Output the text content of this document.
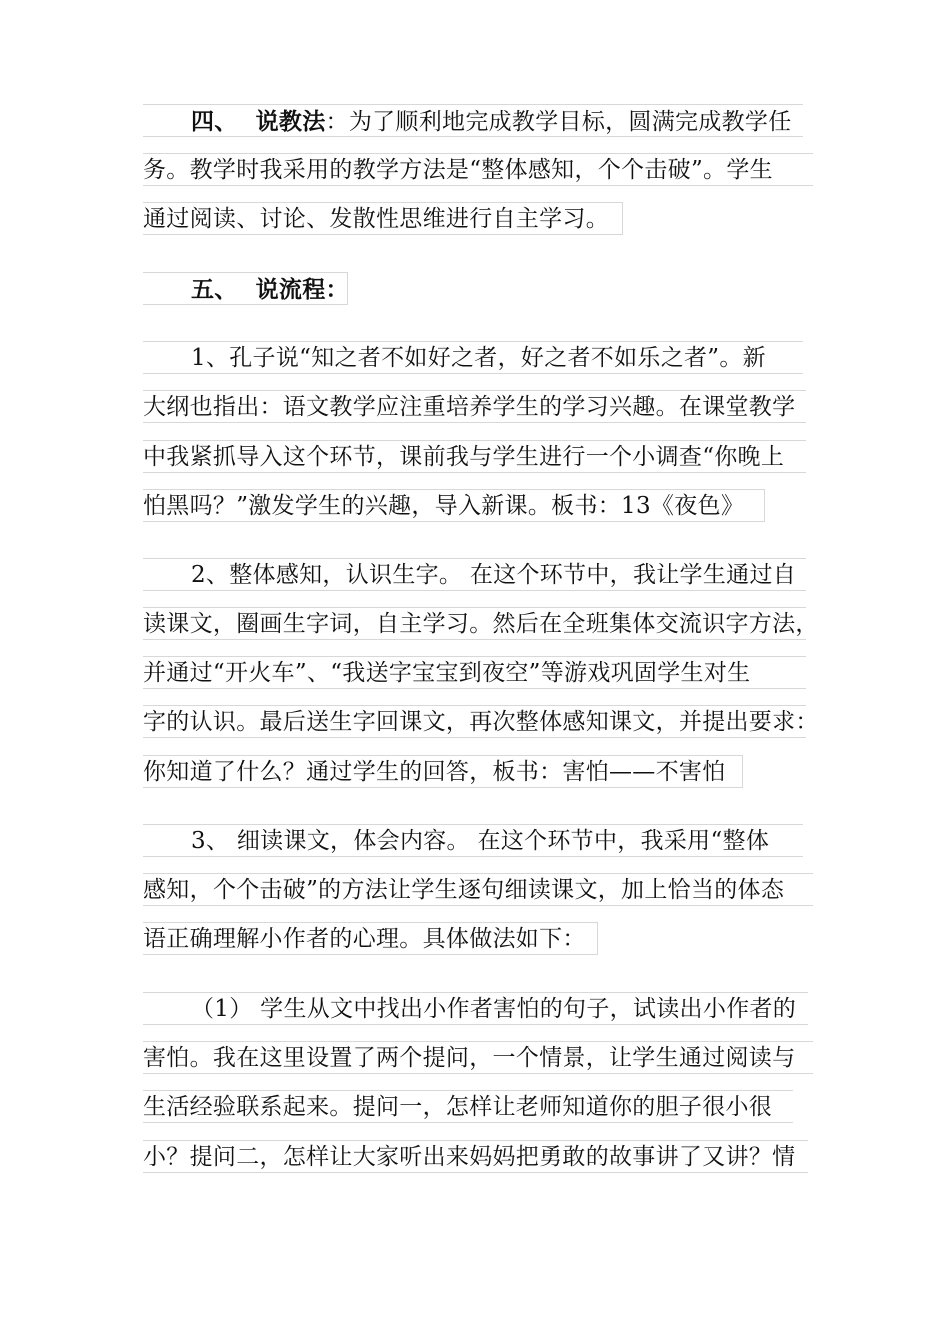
四、 说教法：为了顺利地完成教学目标，圆满完成教学任
务。教学时我采用的教学方法是“整体感知，个个击破”。学生
通过阅读、讨论、发散性思维进行自主学习。
五、 说流程：
1、孔子说“知之者不如好之者，好之者不如乐之者”。新
大纲也指出：语文教学应注重培养学生的学习兴趣。在课堂教学
中我紧抓导入这个环节，课前我与学生进行一个小调查“你晚上
怕黑吗？”激发学生的兴趣，导入新课。板书：13《夜色》
2、整体感知，认识生字。 在这个环节中，我让学生通过自
读课文，圈画生字词，自主学习。然后在全班集体交流识字方法，
并通过“开火车”、“我送字宝宝到夜空”等游戏巩固学生对生
字的认识。最后送生字回课文，再次整体感知课文，并提出要求：
你知道了什么？通过学生的回答，板书：害怕——不害怕
3、 细读课文，体会内容。 在这个环节中，我采用“整体
感知，个个击破”的方法让学生逐句细读课文，加上恰当的体态
语正确理解小作者的心理。具体做法如下：
（1） 学生从文中找出小作者害怕的句子，试读出小作者的
害怕。我在这里设置了两个提问，一个情景，让学生通过阅读与
生活经验联系起来。提问一，怎样让老师知道你的胆子很小很
小？提问二，怎样让大家听出来妈妈把勇敢的故事讲了又讲？情
